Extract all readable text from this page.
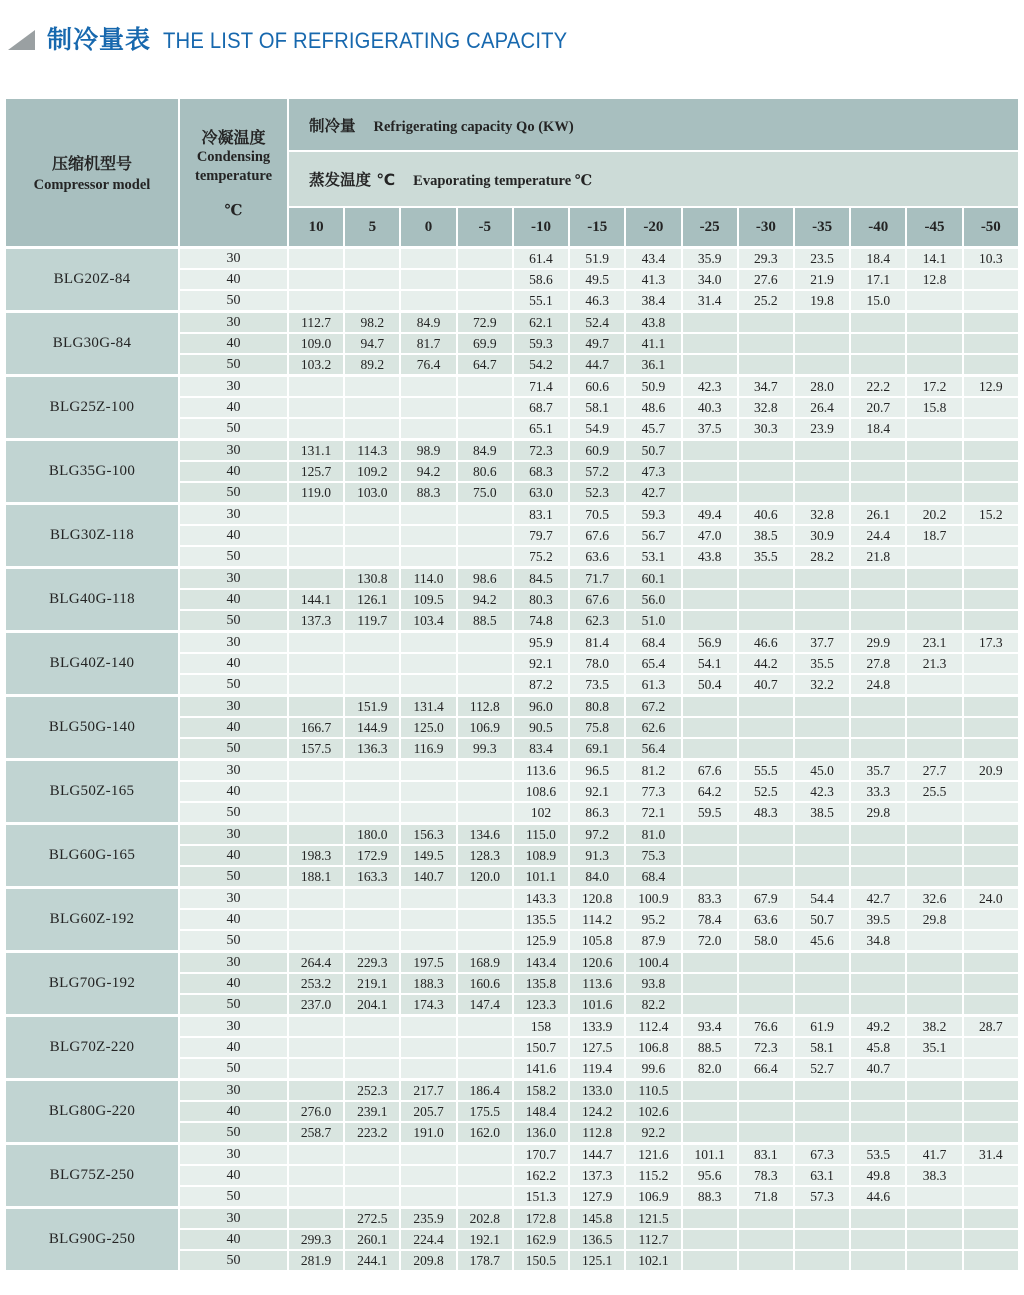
制冷量表 THE LIST OF REFRIGERATING CAPACITY
压缩机型号
Compressor model

冷凝温度
Condensing temperature
℃
	制冷量 Refrigerating capacity Qo (KW)
		蒸发温度 ℃ Evaporating temperature ℃												
		10	5	0	-5	-10	-15	-20	-25	-30	-35	-40	-45	-50
BLG20Z-84	30					61.4	51.9	43.4	35.9	29.3	23.5	18.4	14.1	10.3
	40					58.6	49.5	41.3	34.0	27.6	21.9	17.1	12.8	
	50					55.1	46.3	38.4	31.4	25.2	19.8	15.0		
BLG30G-84	30	112.7	98.2	84.9	72.9	62.1	52.4	43.8						
	40	109.0	94.7	81.7	69.9	59.3	49.7	41.1						
	50	103.2	89.2	76.4	64.7	54.2	44.7	36.1						
BLG25Z-100	30					71.4	60.6	50.9	42.3	34.7	28.0	22.2	17.2	12.9
	40					68.7	58.1	48.6	40.3	32.8	26.4	20.7	15.8	
	50					65.1	54.9	45.7	37.5	30.3	23.9	18.4		
BLG35G-100	30	131.1	114.3	98.9	84.9	72.3	60.9	50.7						
	40	125.7	109.2	94.2	80.6	68.3	57.2	47.3						
	50	119.0	103.0	88.3	75.0	63.0	52.3	42.7						
BLG30Z-118	30					83.1	70.5	59.3	49.4	40.6	32.8	26.1	20.2	15.2
	40					79.7	67.6	56.7	47.0	38.5	30.9	24.4	18.7	
	50					75.2	63.6	53.1	43.8	35.5	28.2	21.8		
BLG40G-118	30		130.8	114.0	98.6	84.5	71.7	60.1						
	40	144.1	126.1	109.5	94.2	80.3	67.6	56.0						
	50	137.3	119.7	103.4	88.5	74.8	62.3	51.0						
BLG40Z-140	30					95.9	81.4	68.4	56.9	46.6	37.7	29.9	23.1	17.3
	40					92.1	78.0	65.4	54.1	44.2	35.5	27.8	21.3	
	50					87.2	73.5	61.3	50.4	40.7	32.2	24.8		
BLG50G-140	30		151.9	131.4	112.8	96.0	80.8	67.2						
	40	166.7	144.9	125.0	106.9	90.5	75.8	62.6						
	50	157.5	136.3	116.9	99.3	83.4	69.1	56.4						
BLG50Z-165	30					113.6	96.5	81.2	67.6	55.5	45.0	35.7	27.7	20.9
	40					108.6	92.1	77.3	64.2	52.5	42.3	33.3	25.5	
	50					102	86.3	72.1	59.5	48.3	38.5	29.8		
BLG60G-165	30		180.0	156.3	134.6	115.0	97.2	81.0						
	40	198.3	172.9	149.5	128.3	108.9	91.3	75.3						
	50	188.1	163.3	140.7	120.0	101.1	84.0	68.4						
BLG60Z-192	30					143.3	120.8	100.9	83.3	67.9	54.4	42.7	32.6	24.0
	40					135.5	114.2	95.2	78.4	63.6	50.7	39.5	29.8	
	50					125.9	105.8	87.9	72.0	58.0	45.6	34.8		
BLG70G-192	30	264.4	229.3	197.5	168.9	143.4	120.6	100.4						
	40	253.2	219.1	188.3	160.6	135.8	113.6	93.8						
	50	237.0	204.1	174.3	147.4	123.3	101.6	82.2						
BLG70Z-220	30					158	133.9	112.4	93.4	76.6	61.9	49.2	38.2	28.7
	40					150.7	127.5	106.8	88.5	72.3	58.1	45.8	35.1	
	50					141.6	119.4	99.6	82.0	66.4	52.7	40.7		
BLG80G-220	30		252.3	217.7	186.4	158.2	133.0	110.5						
	40	276.0	239.1	205.7	175.5	148.4	124.2	102.6						
	50	258.7	223.2	191.0	162.0	136.0	112.8	92.2						
BLG75Z-250	30					170.7	144.7	121.6	101.1	83.1	67.3	53.5	41.7	31.4
	40					162.2	137.3	115.2	95.6	78.3	63.1	49.8	38.3	
	50					151.3	127.9	106.9	88.3	71.8	57.3	44.6		
BLG90G-250	30		272.5	235.9	202.8	172.8	145.8	121.5						
	40	299.3	260.1	224.4	192.1	162.9	136.5	112.7						
	50	281.9	244.1	209.8	178.7	150.5	125.1	102.1						
